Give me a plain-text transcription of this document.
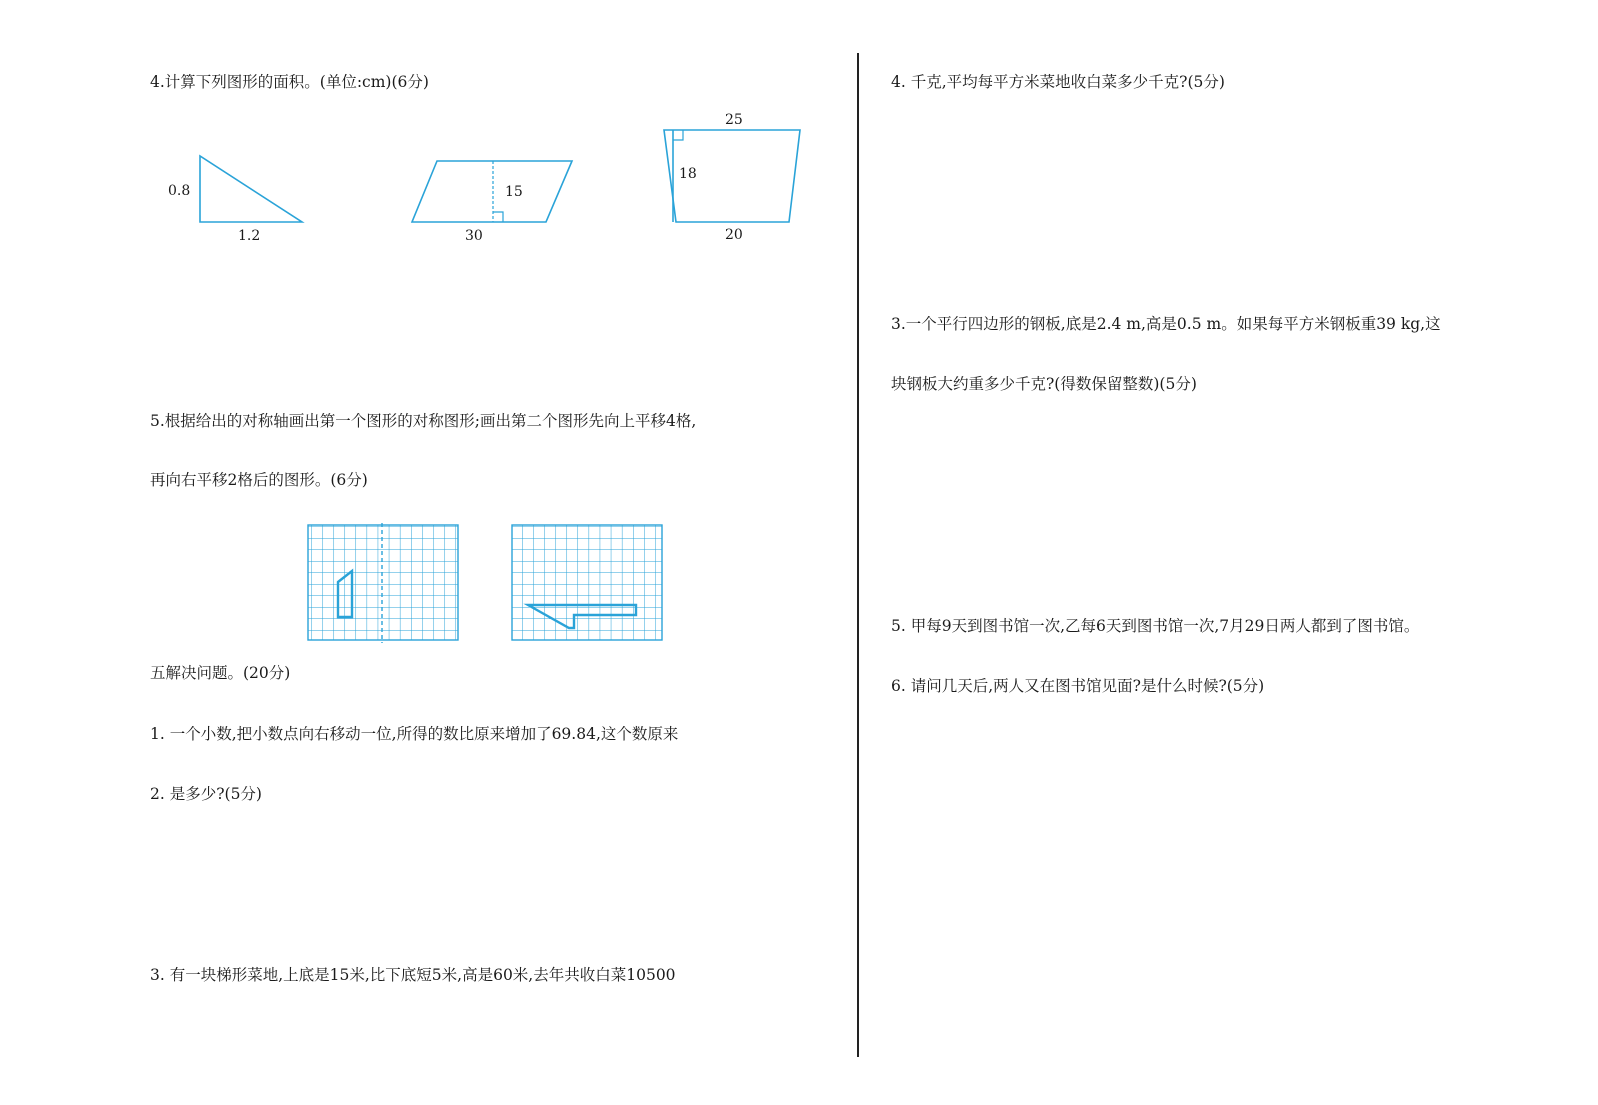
4.计算下列图形的面积。(单位:cm)(6分)
0.8
1.2
15
30
25
18
20
5.根据给出的对称轴画出第一个图形的对称图形;画出第二个图形先向上平移4格,
再向右平移2格后的图形。(6分)
五解决问题。(20分)
1. 一个小数,把小数点向右移动一位,所得的数比原来增加了69.84,这个数原来
2. 是多少?(5分)
3. 有一块梯形菜地,上底是15米,比下底短5米,高是60米,去年共收白菜10500
4. 千克,平均每平方米菜地收白菜多少千克?(5分)
3.一个平行四边形的钢板,底是2.4 m,高是0.5 m。如果每平方米钢板重39 kg,这
块钢板大约重多少千克?(得数保留整数)(5分)
5. 甲每9天到图书馆一次,乙每6天到图书馆一次,7月29日两人都到了图书馆。
6. 请问几天后,两人又在图书馆见面?是什么时候?(5分)
